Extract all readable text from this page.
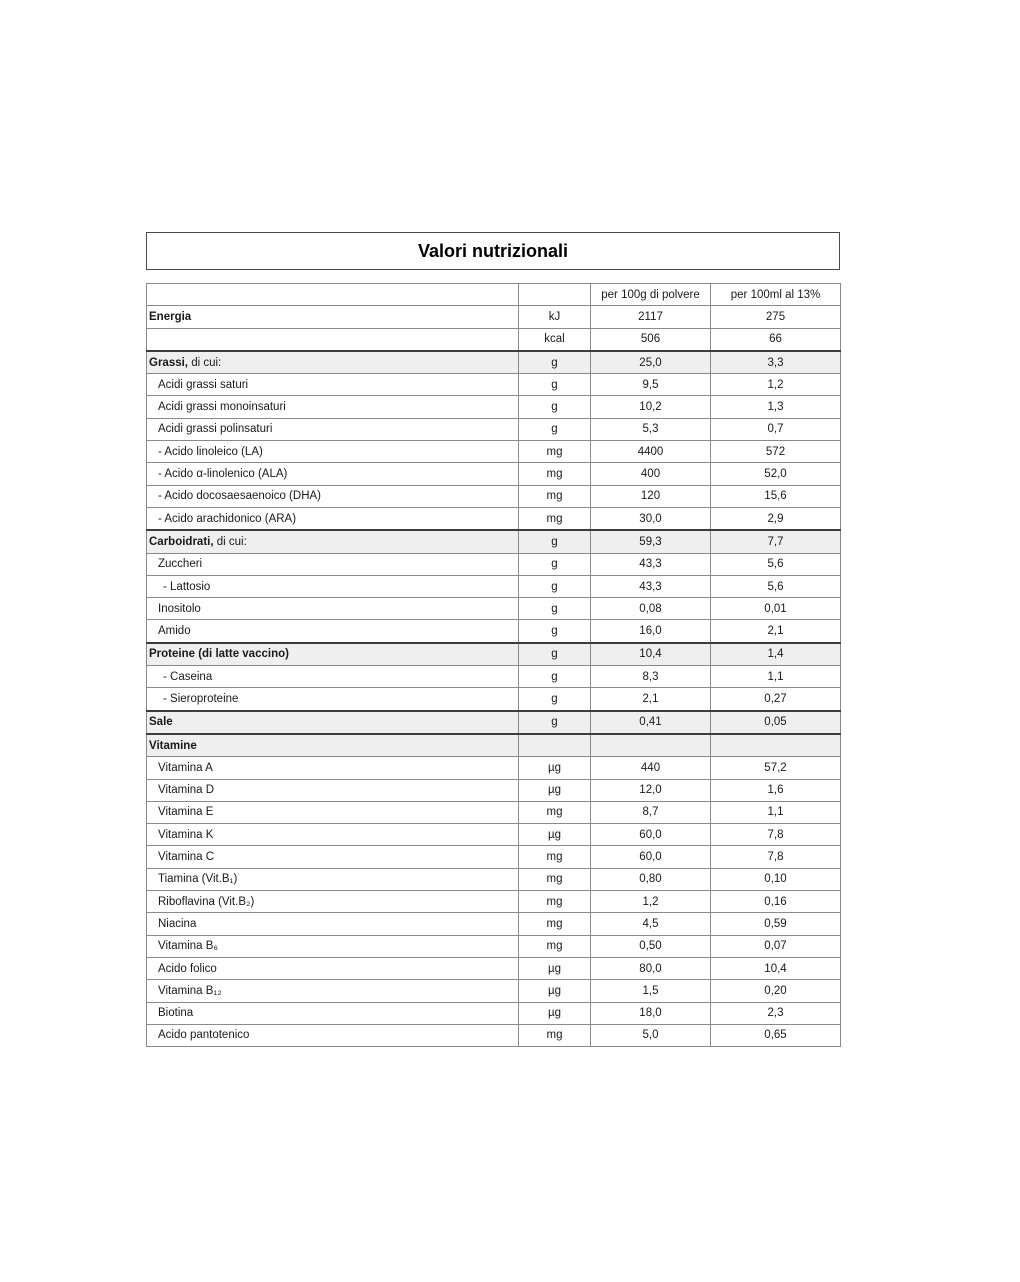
Valori nutrizionali
		per 100g di polvere	per 100ml al 13%
Energia	kJ	2117	275
	kcal	506	66
Grassi, di cui:	g	25,0	3,3
Acidi grassi saturi	g	9,5	1,2
Acidi grassi monoinsaturi	g	10,2	1,3
Acidi grassi polinsaturi	g	5,3	0,7
- Acido linoleico (LA)	mg	4400	572
- Acido α-linolenico (ALA)	mg	400	52,0
- Acido docosaesaenoico (DHA)	mg	120	15,6
- Acido arachidonico (ARA)	mg	30,0	2,9
Carboidrati, di cui:	g	59,3	7,7
Zuccheri	g	43,3	5,6
- Lattosio	g	43,3	5,6
Inositolo	g	0,08	0,01
Amido	g	16,0	2,1
Proteine (di latte vaccino)	g	10,4	1,4
- Caseina	g	8,3	1,1
- Sieroproteine	g	2,1	0,27
Sale	g	0,41	0,05
Vitamine			
Vitamina A	µg	440	57,2
Vitamina D	µg	12,0	1,6
Vitamina E	mg	8,7	1,1
Vitamina K	µg	60,0	7,8
Vitamina C	mg	60,0	7,8
Tiamina (Vit.B₁)	mg	0,80	0,10
Riboflavina (Vit.B₂)	mg	1,2	0,16
Niacina	mg	4,5	0,59
Vitamina B₆	mg	0,50	0,07
Acido folico	µg	80,0	10,4
Vitamina B₁₂	µg	1,5	0,20
Biotina	µg	18,0	2,3
Acido pantotenico	mg	5,0	0,65
